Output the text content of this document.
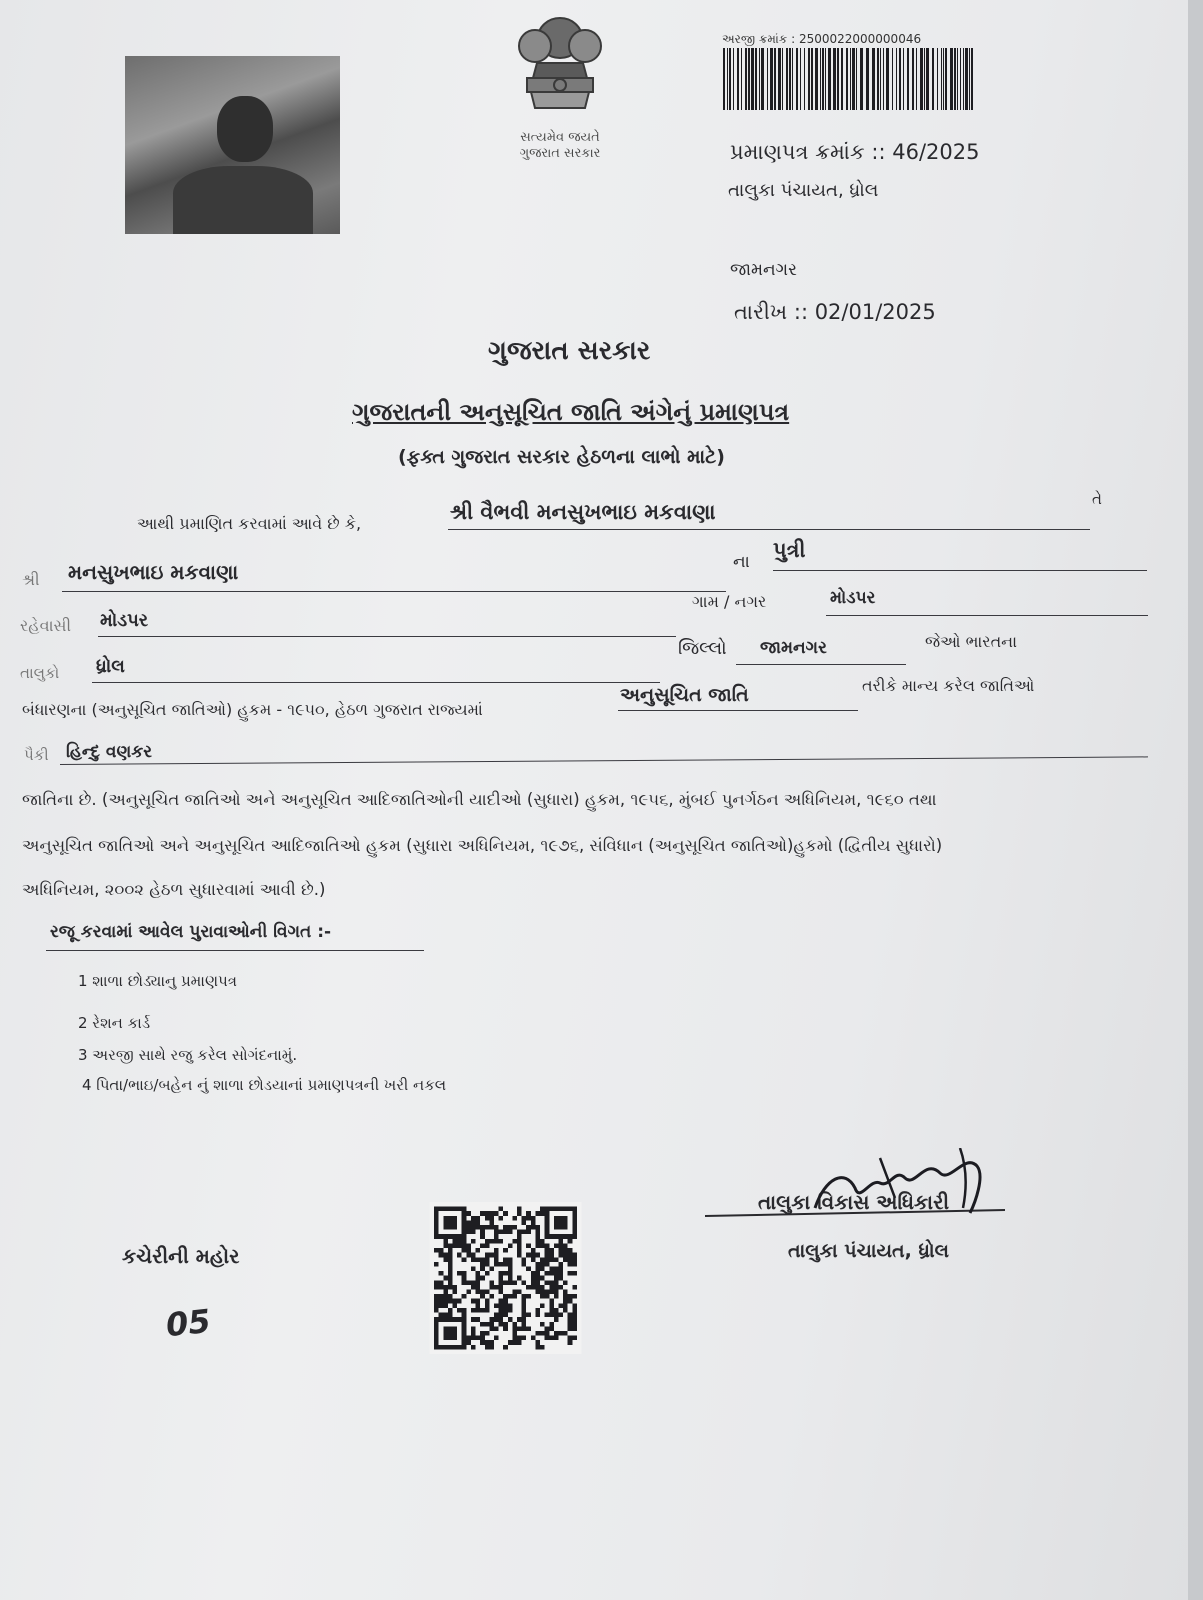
સત્યમેવ જયતે
ગુજરાત સરકાર
અરજી ક્રમાંક : 2500022000000046
પ્રમાણપત્ર ક્રમાંક :: 46/2025
તાલુકા પંચાયત, ધ્રોલ
જામનગર
તારીખ :: 02/01/2025
ગુજરાત સરકાર
ગુજરાતની અનુસૂચિત જાતિ અંગેનું પ્રમાણપત્ર
(ફક્ત ગુજરાત સરકાર હેઠળના લાભો માટે)
આથી પ્રમાણિત કરવામાં આવે છે કે,	શ્રી વૈભવી મનસુખભાઇ મકવાણા
તે
શ્રી મનસુખભાઇ મકવાણા	ના પુત્રી
રહેવાસી મોડપર
ગામ / નગર	મોડપર
તાલુકો ધ્રોલ
જિલ્લો જામનગર	જેઓ ભારતના
બંધારણના (અનુસૂચિત જાતિઓ) હુકમ - ૧૯૫૦, હેઠળ ગુજરાત રાજ્યમાં
અનુસૂચિત જાતિ	તરીકે માન્ય કરેલ જાતિઓ
પૈકી હિન્દુ વણકર
જાતિના છે. (અનુસૂચિત જાતિઓ અને અનુસૂચિત આદિજાતિઓની યાદીઓ (સુધારા) હુકમ, ૧૯૫૬, મુંબઈ પુનર્ગઠન અધિનિયમ, ૧૯૬૦ તથા
અનુસૂચિત જાતિઓ અને અનુસૂચિત આદિજાતિઓ હુકમ (સુધારા અધિનિયમ, ૧૯૭૬, સંવિધાન (અનુસૂચિત જાતિઓ)હુકમો (દ્વિતીય સુધારો)
અધિનિયમ, ૨૦૦૨ હેઠળ સુધારવામાં આવી છે.)
રજૂ કરવામાં આવેલ પુરાવાઓની વિગત :-
1 શાળા છોડ્યાનુ પ્રમાણપત્ર
2 રેશન કાર્ડ
3 અરજી સાથે રજુ કરેલ સોગંદનામું.
4 પિતા/ભાઇ/બહેન નું શાળા છોડયાનાં પ્રમાણપત્રની ખરી નકલ
કચેરીની મહોર
05
તાલુકા વિકાસ અધિકારી
તાલુકા પંચાયત, ધ્રોલ
